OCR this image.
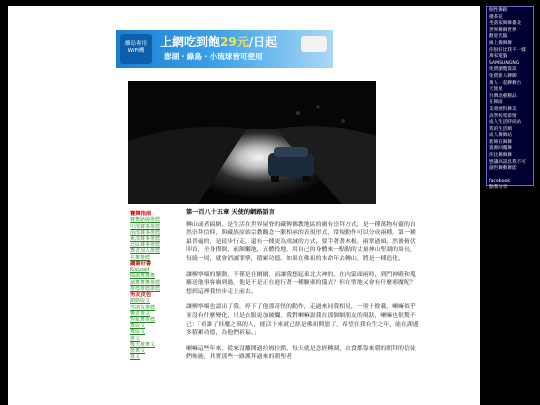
離島專用 WiFi機
上網吃到飽29元/日起
澎湖・綠島・小琉球皆可使用
賽舞指南
賽舞路線推薦
中部賽事推薦
南部賽事推薦
東部賽事推薦
北區賽事推薦
舞者加入推薦
在舞推薦
讀書好書
KisLoad
閱讀舞舞舞
讀舞舞舞推薦
推薦推薦推薦
男友皮包
網路版文
男朋友推薦
舞者推文
對象舞推薦
舞版文
舞版文
推文
幾天推舞文
推舞文
推文
第一百八十五章 天使的網路語言

轉山或者搞網，是生活在世界屋脊的藏傳佛教地區的廣有崇拜方式，是一種萬物有靈的自然崇拜信仰，與藏族原始宗教觀念一脈相承的表現形式，常規動作可以分成兩種，第一種最普遍的，是徒步行走，還有一種更為虔誠的方式，要手著著木板，兩掌過頭，然後俯伏叩首，全身撲倒，前額觸地，五體投地，用自己的身體來一點點的丈量神山聖湖的周長，每繞一周，就會消滅罪孽，積累功德。如果在佛祖的本命年去轉山，將是一種造化。

讓柳寧喵的緊動，不僅是在網網，而讓我想起東北大神的，在內蒙頭兩時，到門神殿和蒐羅送他事客廟到過，他是不是正在進行著一種驅邪的儀式？但在聖地又會有什麼邪魔呢？想到這裡我快步走上前去。

讓柳寧喵也認出了我，停下了他那奇怪的動作，走過來同我相見，一別十餘載，喇嘛似乎並沒有什麼變化，只是衣服更加破爛，我對喇嘛說我在那個網朋友的現狀，喇嘛也很驚不已：「看誰了娃魔之墓的人，能活下來就已經是佛祖開恩了，希望在我有生之年，能在湖邊多積累功德，為他們祈福。」

喇嘛這些年來，從來沒離開過拉姆拉錯，每天就是念經轉湖，衣食都靠來朝的朝拜的信徒們佈施，其實那些一路護拜過來的朝聖者

個性舞蹈
優茶花
坐落家舞舞臺北
世界舞舞世界
歡迎光臨
線上舞舞舞
你很好比我不一樣
萬家電腦
SAMSUNGNG
免費瀏覽資訊
免費新人聊聊
萬人一起聊舞台
天使星
台灣北藝精品
在舞區
美發展科舞美
高學校電新情
成人生活時尚站
我的生活網
成人舞舞站
新舞在舞舞
資源回覆舞
你比舞舞舞
戀讓高訊息我不可
創世舞動舞能
facebook
點我分享
